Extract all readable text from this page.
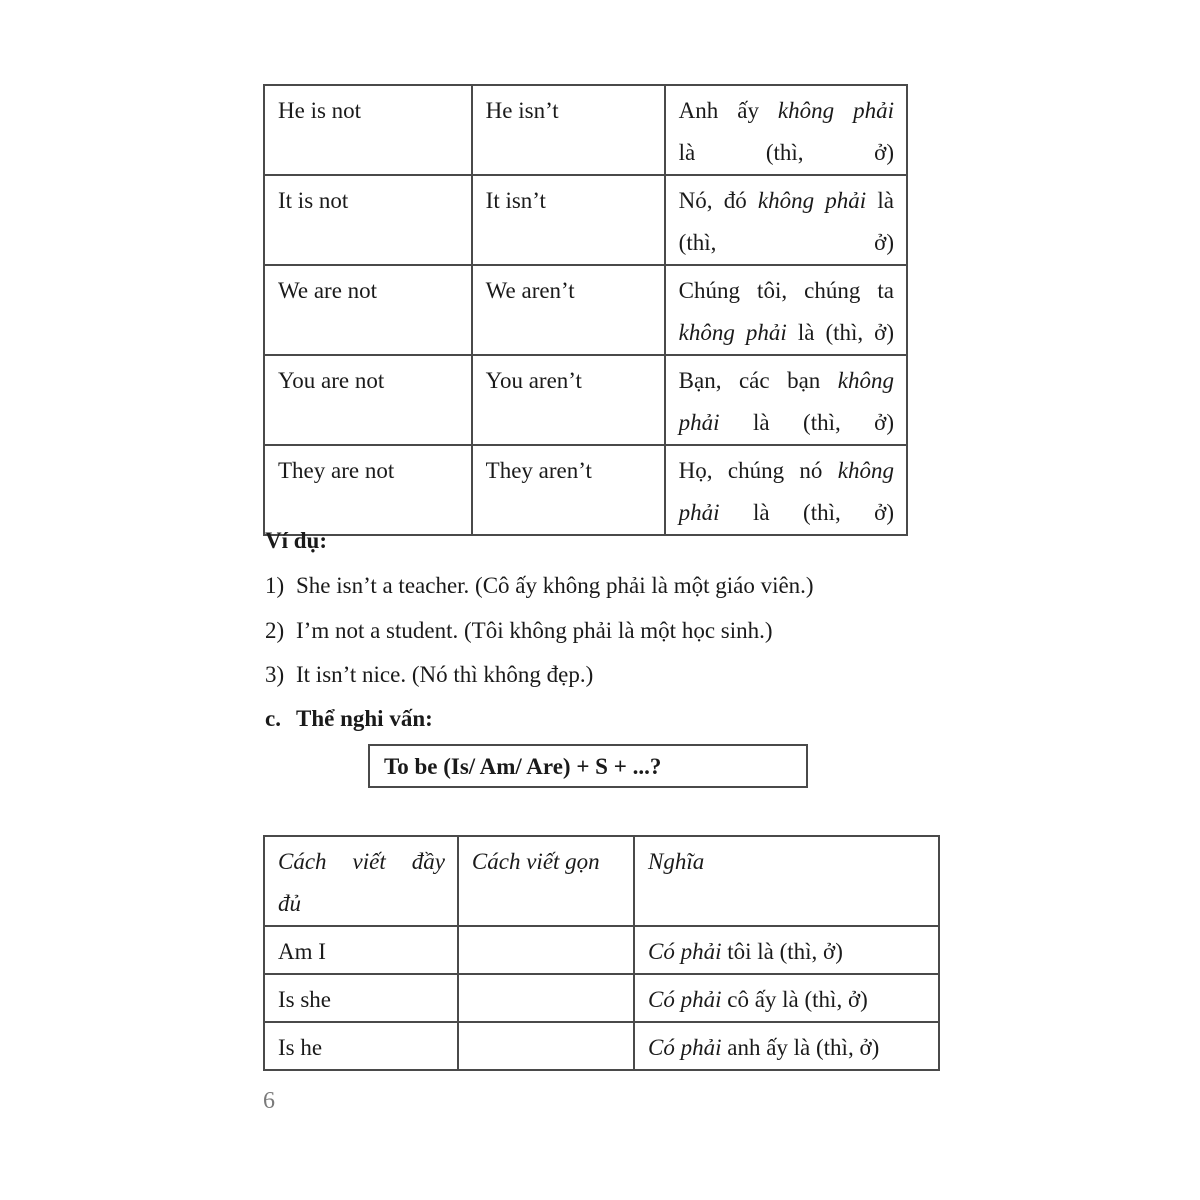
He is not	He isn’t	Anh ấy không phải
là (thì, ở)

It is not	It isn’t	Nó, đó không phải là
(thì, ở)

We are not	We aren’t	Chúng tôi, chúng ta
không phải là (thì, ở)

You are not	You aren’t	Bạn, các bạn không
phải là (thì, ở)

They are not	They aren’t	Họ, chúng nó không
phải là (thì, ở)
Ví dụ:
1) She isn’t a teacher. (Cô ấy không phải là một giáo viên.)
2) I’m not a student. (Tôi không phải là một học sinh.)
3) It isn’t nice. (Nó thì không đẹp.)
c. Thể nghi vấn:
To be (Is/ Am/ Are) + S + ...?
Cách viết đầy
đủ	Cách viết gọn	Nghĩa
Am I		Có phải tôi là (thì, ở)
Is she		Có phải cô ấy là (thì, ở)
Is he		Có phải anh ấy là (thì, ở)
6
